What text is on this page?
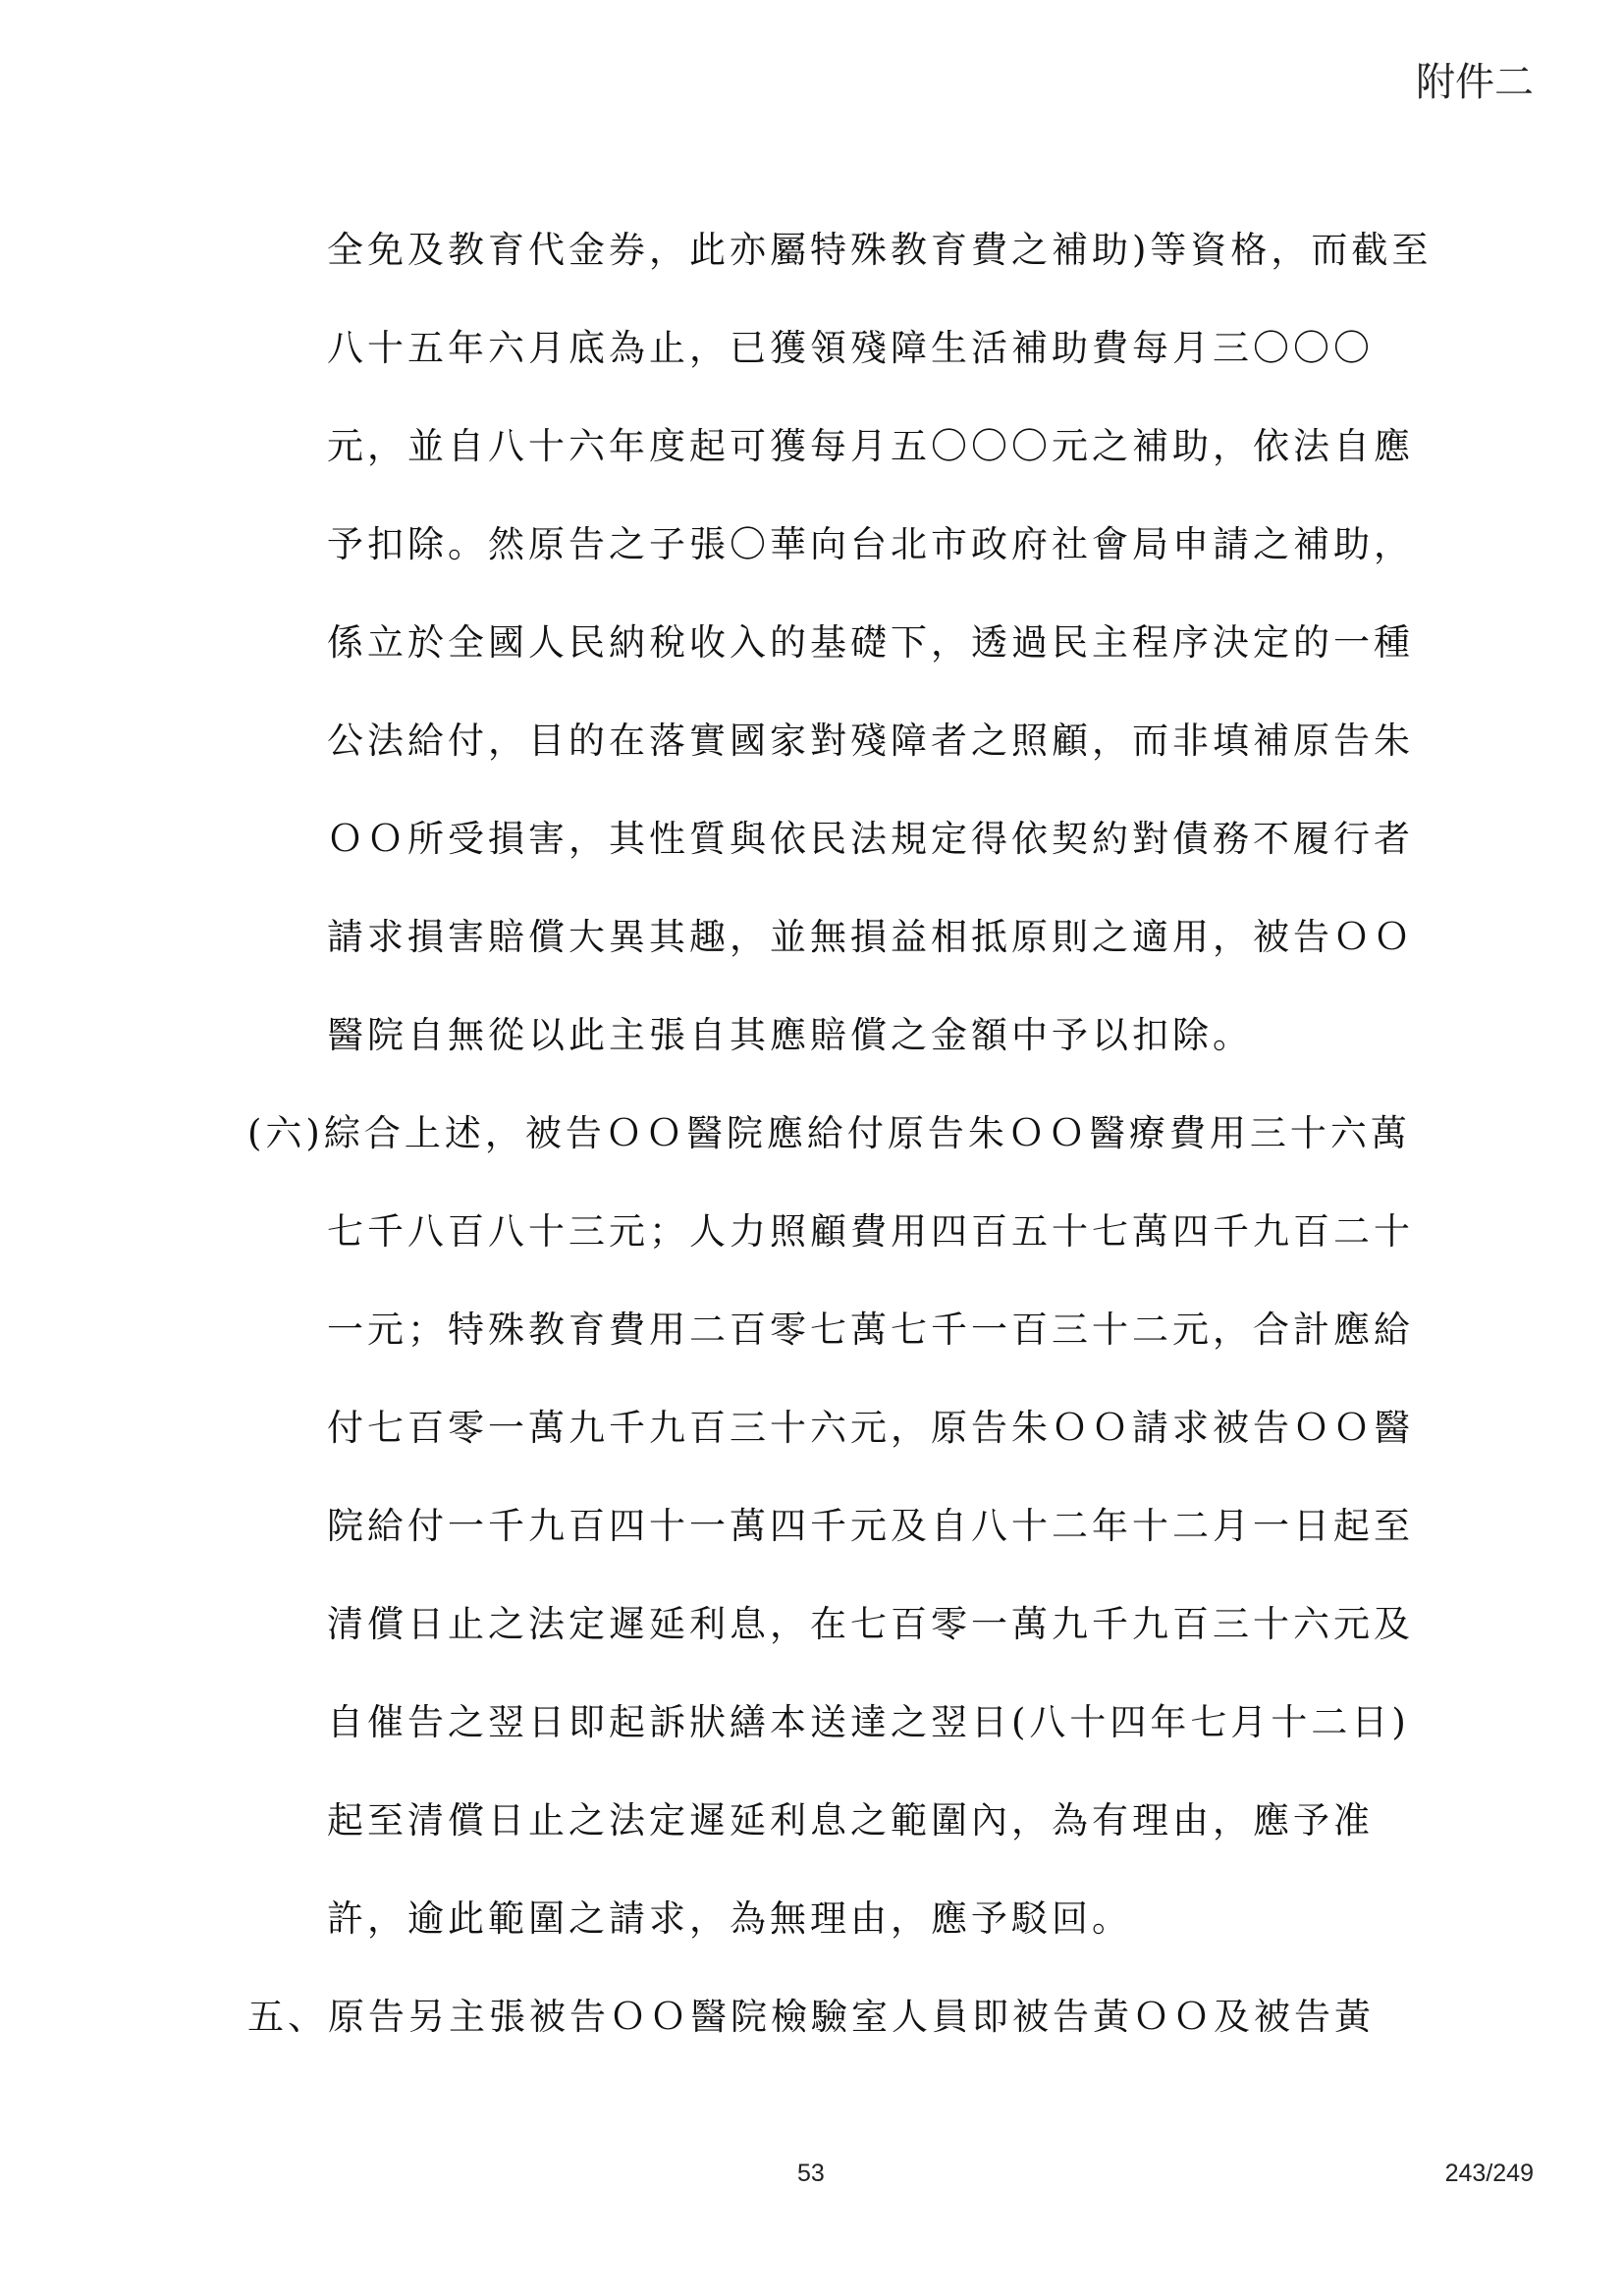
附件二
全免及教育代金券，此亦屬特殊教育費之補助)等資格，而截至
八十五年六月底為止，已獲領殘障生活補助費每月三〇〇〇
元，並自八十六年度起可獲每月五〇〇〇元之補助，依法自應
予扣除。然原告之子張〇華向台北市政府社會局申請之補助，
係立於全國人民納稅收入的基礎下，透過民主程序決定的一種
公法給付，目的在落實國家對殘障者之照顧，而非填補原告朱
ＯＯ所受損害，其性質與依民法規定得依契約對債務不履行者
請求損害賠償大異其趣，並無損益相抵原則之適用，被告ＯＯ
醫院自無從以此主張自其應賠償之金額中予以扣除。
(六)綜合上述，被告ＯＯ醫院應給付原告朱ＯＯ醫療費用三十六萬
七千八百八十三元；人力照顧費用四百五十七萬四千九百二十
一元；特殊教育費用二百零七萬七千一百三十二元，合計應給
付七百零一萬九千九百三十六元，原告朱ＯＯ請求被告ＯＯ醫
院給付一千九百四十一萬四千元及自八十二年十二月一日起至
清償日止之法定遲延利息，在七百零一萬九千九百三十六元及
自催告之翌日即起訴狀繕本送達之翌日(八十四年七月十二日)
起至清償日止之法定遲延利息之範圍內，為有理由，應予准
許，逾此範圍之請求，為無理由，應予駁回。
五、原告另主張被告ＯＯ醫院檢驗室人員即被告黃ＯＯ及被告黃
53	243/249
